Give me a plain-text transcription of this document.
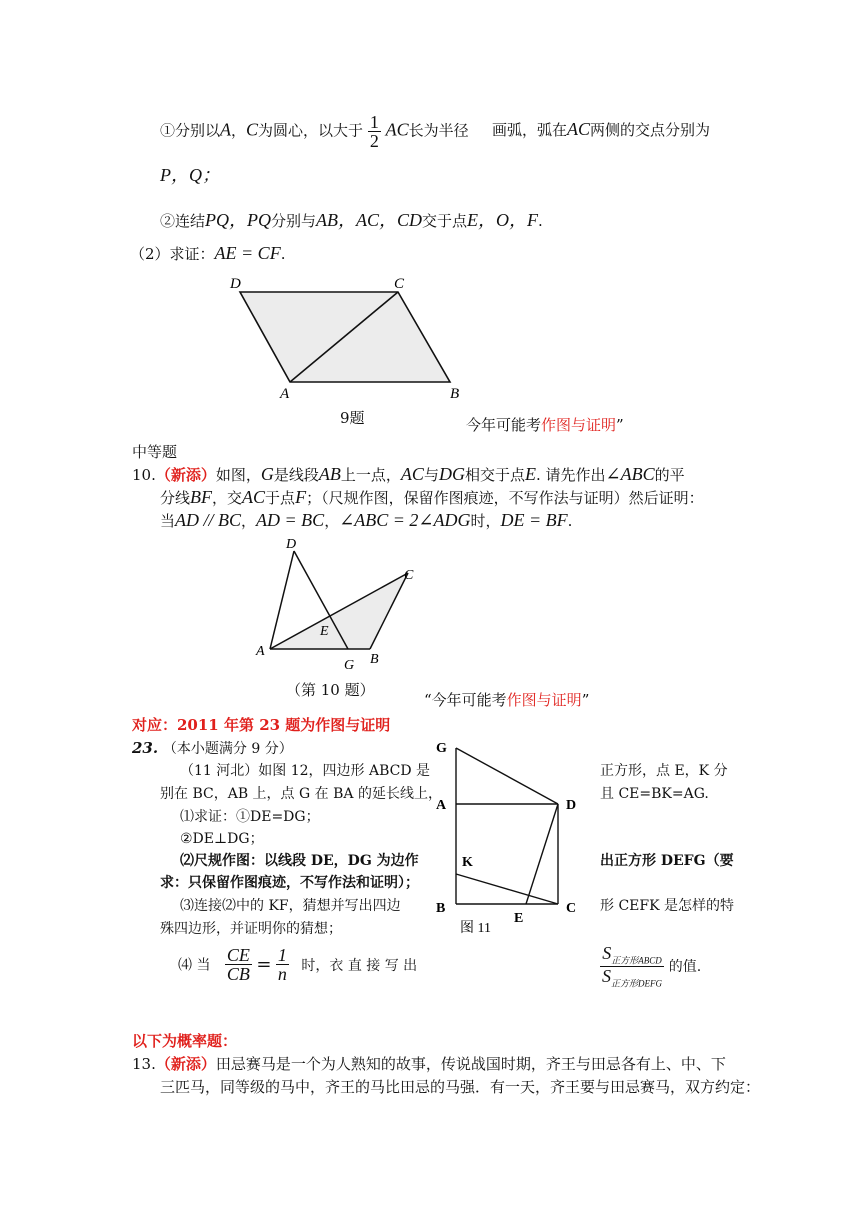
①分别以A，C为圆心，以大于 $\frac{1}{2}$ AC长为半径 画弧，弧在AC两侧的交点分别为
P，Q；
②连结PQ，PQ分别与AB，AC，CD交于点E，O，F.
（2）求证：AE = CF.
D	C
A	B
9题	今年可能考作图与证明”
中等题
10.（新添）如图，G是线段AB上一点，AC与DG相交于点E. 请先作出∠ABC的平
分线BF，交AC于点F；（尺规作图，保留作图痕迹，不写作法与证明）然后证明：
当AD // BC，AD = BC，∠ABC = 2∠ADG时，DE = BF.
D
C
A
E
G B
（第 10 题）
“今年可能考作图与证明”
对应：2011 年第 23 题为作图与证明
23. （本小题满分 9 分）
（11 河北）如图 12，四边形 ABCD 是	正方形，点 E，K 分
别在 BC，AB 上，点 G 在 BA 的延长线上，	且 CE=BK=AG.
⑴求证：①DE=DG；
②DE⊥DG；
⑵尺规作图：以线段 DE，DG 为边作	出正方形 DEFG（要
求：只保留作图痕迹，不写作法和证明）；
⑶连接⑵中的 KF，猜想并写出四边	形 CEFK 是怎样的特
殊四边形，并证明你的猜想；
⑷ 当 $\frac{CE}{CB} = \frac{1}{n}$ 时，衣 直 接 写 出	$\frac{S_{正方形ABCD}}{S_{正方形DEFG}}$ 的值.
G
A	D
K
B
E
C
图 11
以下为概率题：
13.（新添）田忌赛马是一个为人熟知的故事，传说战国时期，齐王与田忌各有上、中、下
三匹马，同等级的马中，齐王的马比田忌的马强．有一天，齐王要与田忌赛马，双方约定：
